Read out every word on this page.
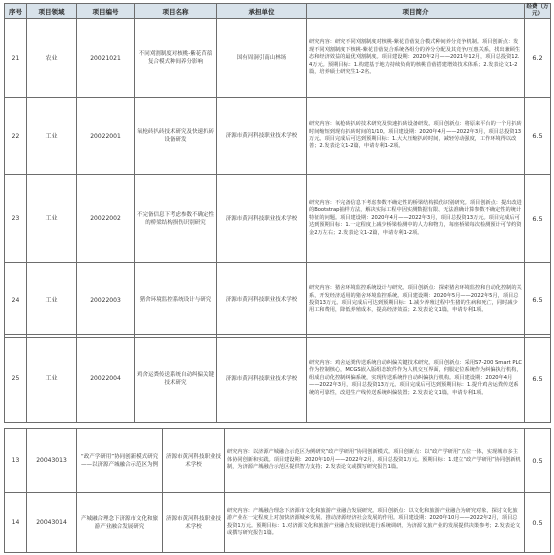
序号	项目领域	项目编号	项目名称	承担单位	项目简介	经费（万元）
21	农业	20021021	不同刈割制度对核桃-紫花苜蓿复合模式种间养分影响	国有周洞引南山林场	研究内容：研究不同刈割制度对核桃-紫花苜蓿复合模式种间养分竞争机制。项目创新点：发现不同刈割制度下核桃-紫花苜蓿复合系统各组分的养分分配及其竞争/互惠关系，找出兼顾生态和经济效益的最优刈割制度。项目建设期：2020年2月——2021年12月，项目总投资12.4万元。预期目标：1.构建基于地力持续负荷的核桃苜蓿搭建增效技术体系；2.发表论文1-2篇，培养硕士研究生1-2名。	6.2
22	工业	20022001	氧枪砖扒砖技术研究及快速扒砖设备研发	济源市黄河科技职业技术学校	研究内容：氧枪砖扒砖技术研究及快速扒砖设备研发。项目创新点：将原来平台的一个月扒砖时间缩短到现有扒砖时间的1/10。项目建设期：2020年4月——2022年3月，项目总投资13万元。项目完成后可达到预期目标：1.大大压缩扒砖时间，减轻劳动强度，工作环境得以改善；2.发表论文1-2篇，申请专利1-2项。	6.5
23	工业	20022002	不完备信息下考虑参数不确定性的桥梁结构损伤识别研究	济源市黄河科技职业技术学校	研究内容：不完备信息下考虑参数不确定性的桥梁结构损伤识别研究。项目创新点：提出改进的Bootstrap抽样方法，解决实际工程中因实测数据有限、无法准确计算参数不确定性的统计特征的问题。项目建设期：2020年4月——2022年3月，项目总投资13万元。项目完成后可达到预期目标：1.一定程度上减少桥梁检测中的人力和物力，每座桥梁每次检测预计可节约资金2万左右；2.发表论文1-2篇，申请专利1-2项。	6.5
24	工业	20022003	猪舍环境监控系统设计与研究	济源市黄河科技职业技术学校	研究内容：猪舍环境监控系统设计与研究。项目创新点：探索猪舍环境监控和自动化控制的关系，开发经济适用的猪舍环境监控系统。项目建设期：2020年5月——2022年5月，项目总投资13万元。项目完成后可达到预期目标：1.减少养殖过程中生猪的生病和死亡，同时减少用工和费用，降低养殖成本，提高经济效益；2.发表论文1篇，申请专利1项。	6.5
25	工业	20022004	鸡舍运粪传送系统自动纠偏关键技术研究	济源市黄河科技职业技术学校	研究内容：鸡舍运粪传送系统自动纠偏关键技术研究。项目创新点：采用S7-200 Smart PLC作为控制核心，MCGS嵌入版组态软件作为人机交互界面，伺服定位系统作为纠偏执行机构，组成自动化控制纠偏系统，实现传送系统作自动纠偏执行机构。项目建设期：2020年4月——2022年3月，项目总投资13万元。项目完成后可达到预期目标：1.提升鸡舍运粪传送系统的可靠性，改进生产线传送系统纠偏装置；2.发表论文1篇，申请专利1项。	6.5
13	20043013	“政产学研用”协同创新模式研究——以济源产城融合示范区为例	济源市黄河科技职业技术学校	研究内容：以济源产城融合示范区为例研究“政产学研用”协同创新模式。项目创新点：以“政产学研用”五位一体，实现城市多主体协同创新和实践。项目建设期：2020年10月——2022年2月，项目总投资1万元。预期目标：1.建立“政产学研用”协同创新机制，为济源产城融合示范区提供智力支持；2.发表论文或撰写研究报告1篇。	0.5
14	20043014	产城融合理念下济源市文化和旅游产业融合发展研究	济源市黄河科技职业技术学校	研究内容：产城融合理念下济源市文化和旅游产业融合发展研究。项目创新点：以文化和旅游产业融合为研究对象，探讨文化旅游产业在一定程度上对加快济源城乡发展、推动济源经济社会发展的作用。项目建设期：2020年10月——2022年2月，项目总投资1万元。预期目标：1.对济源文化和旅游产业融合发展现状进行系统调研，为济源文旅产业的发展提供决策参考；2.发表论文或撰写研究报告1篇。	0.5
